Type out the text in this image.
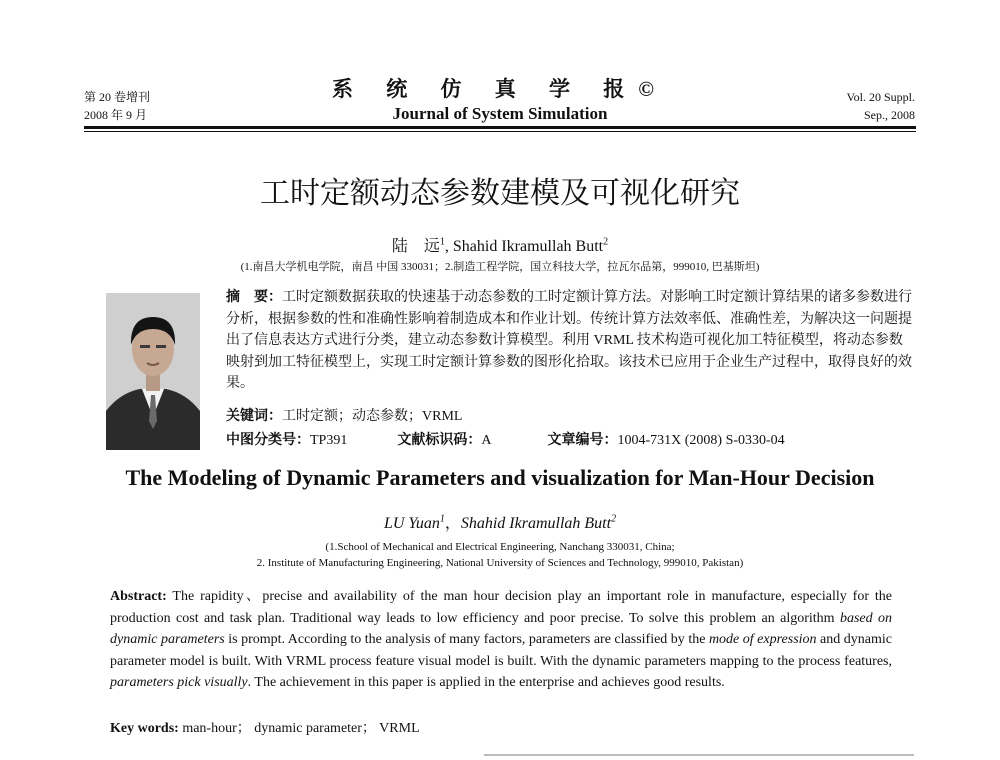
第 20 卷增刊
2008 年 9 月
系 统 仿 真 学 报©
Journal of System Simulation
Vol. 20 Suppl.
Sep., 2008
工时定额动态参数建模及可视化研究
陆　远$^1$, Shahid Ikramullah Butt$^2$
(1.南昌大学机电学院，南昌 中国 330031；2.制造工程学院，国立科技大学，拉瓦尔品第，999010, 巴基斯坦)
摘　要：工时定额数据获取的快速基于动态参数的工时定额计算方法。对影响工时定额计算结果的诸多参数进行分析，根据参数的性和准确性影响着制造成本和作业计划。传统计算方法效率低、准确性差，为解决这一问题提出了信息表达方式进行分类，建立动态参数计算模型。利用 VRML 技术构造可视化加工特征模型，将动态参数映射到加工特征模型上，实现工时定额计算参数的图形化拾取。该技术已应用于企业生产过程中，取得良好的效果。
关键词：工时定额；动态参数；VRML
中图分类号：TP391	文献标识码：A	文章编号：1004-731X (2008) S-0330-04
The Modeling of Dynamic Parameters and visualization for Man-Hour Decision
LU Yuan$^1$，Shahid Ikramullah Butt$^2$
(1.School of Mechanical and Electrical Engineering, Nanchang 330031, China;
2. Institute of Manufacturing Engineering, National University of Sciences and Technology, 999010, Pakistan)
Abstract: The rapidity、precise and availability of the man hour decision play an important role in manufacture, especially for the production cost and task plan. Traditional way leads to low efficiency and poor precise. To solve this problem an algorithm based on dynamic parameters is prompt. According to the analysis of many factors, parameters are classified by the mode of expression and dynamic parameter model is built. With VRML process feature visual model is built. With the dynamic parameters mapping to the process features, parameters pick visually. The achievement in this paper is applied in the enterprise and achieves good results.
Key words: man-hour； dynamic parameter； VRML
